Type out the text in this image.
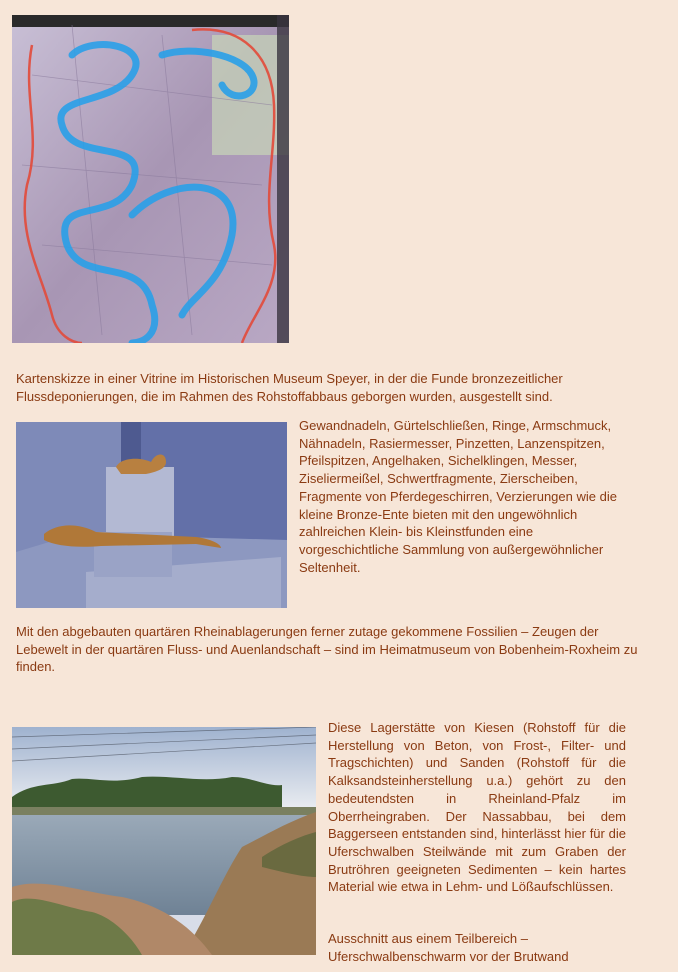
Kartenskizze in einer Vitrine im Historischen Museum Speyer, in der die Funde bronzezeitlicher Flussdeponierungen, die im Rahmen des Rohstoffabbaus geborgen wurden, ausgestellt sind.

Gewandnadeln, Gürtelschließen, Ringe, Armschmuck, Nähnadeln, Rasiermesser, Pinzetten, Lanzenspitzen, Pfeilspitzen, Angelhaken, Sichelklingen, Messer, Ziseliermeißel, Schwertfragmente, Zierscheiben, Fragmente von Pferdegeschirren, Verzierungen wie die kleine Bronze-Ente bieten mit den ungewöhnlich zahlreichen Klein- bis Kleinstfunden eine vorgeschichtliche Sammlung von außergewöhnlicher Seltenheit.

Mit den abgebauten quartären Rheinablagerungen ferner zutage gekommene Fossilien – Zeugen der Lebewelt in der quartären Fluss- und Auenlandschaft – sind im Heimatmuseum von Bobenheim-Roxheim zu finden.

Diese Lagerstätte von Kiesen (Rohstoff für die Herstellung von Beton, von Frost-, Filter- und Tragschichten) und Sanden (Rohstoff für die Kalksandsteinherstellung u.a.) gehört zu den bedeutendsten in Rheinland-Pfalz im Oberrheingraben. Der Nassabbau, bei dem Baggerseen entstanden sind, hinterlässt hier für die Uferschwalben Steilwände mit zum Graben der Brutröhren geeigneten Sedimenten – kein hartes Material wie etwa in Lehm- und Lößaufschlüssen.

Ausschnitt aus einem Teilbereich – Uferschwalbenschwarm vor der Brutwand
